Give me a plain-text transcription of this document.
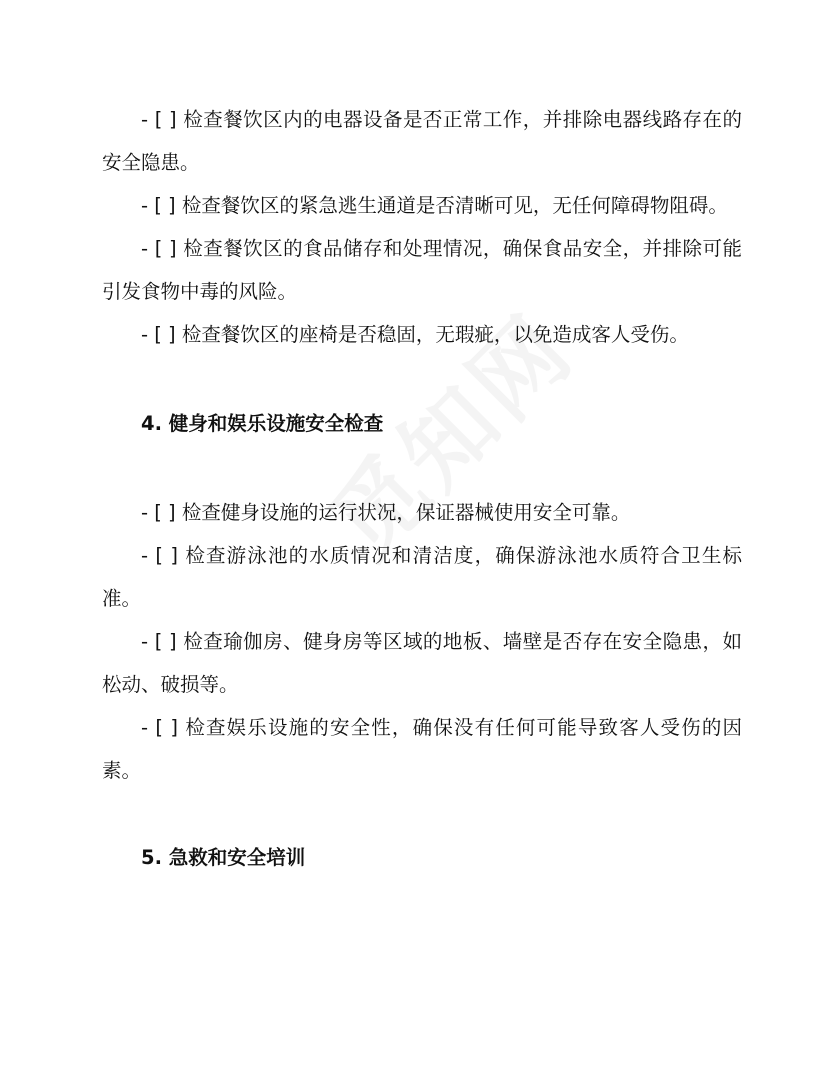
- [ ] 检查餐饮区内的电器设备是否正常工作，并排除电器线路存在的安全隐患。

- [ ] 检查餐饮区的紧急逃生通道是否清晰可见，无任何障碍物阻碍。

- [ ] 检查餐饮区的食品储存和处理情况，确保食品安全，并排除可能引发食物中毒的风险。

- [ ] 检查餐饮区的座椅是否稳固，无瑕疵，以免造成客人受伤。

4. 健身和娱乐设施安全检查

- [ ] 检查健身设施的运行状况，保证器械使用安全可靠。

- [ ] 检查游泳池的水质情况和清洁度，确保游泳池水质符合卫生标准。

- [ ] 检查瑜伽房、健身房等区域的地板、墙壁是否存在安全隐患，如松动、破损等。

- [ ] 检查娱乐设施的安全性，确保没有任何可能导致客人受伤的因素。

5. 急救和安全培训
